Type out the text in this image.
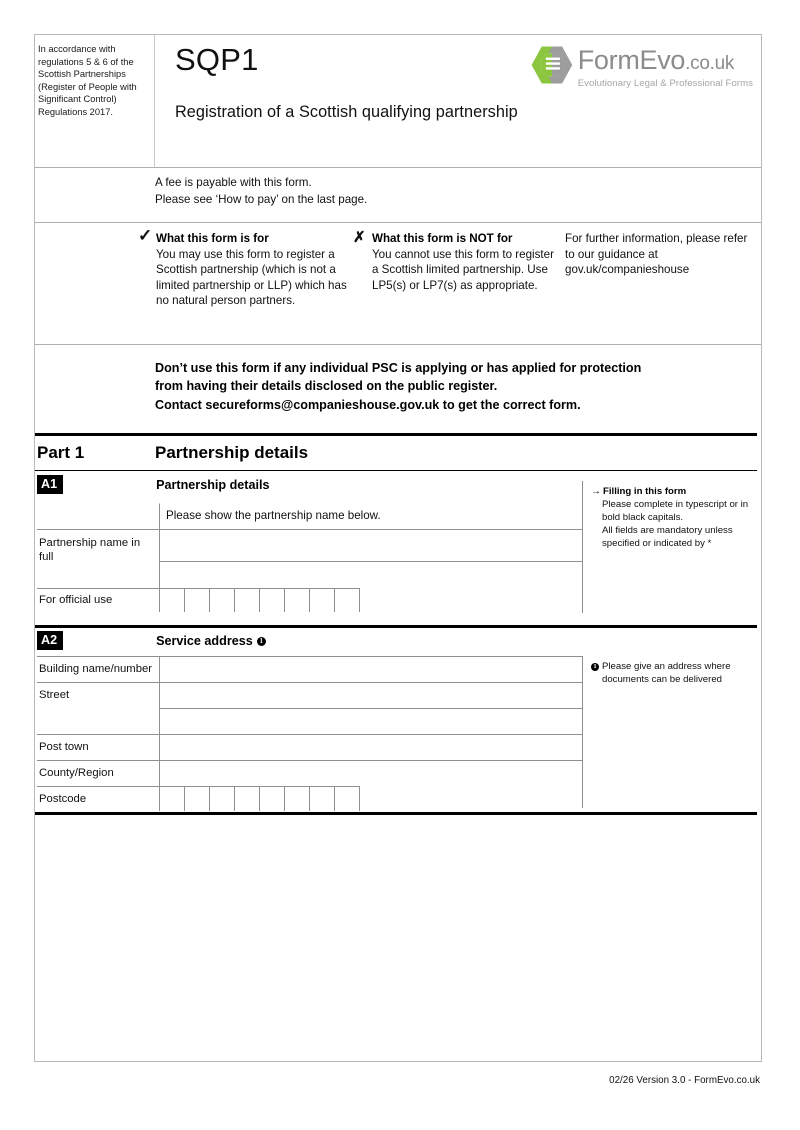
In accordance with regulations 5 & 6 of the Scottish Partnerships (Register of People with Significant Control) Regulations 2017.
SQP1
Registration of a Scottish qualifying partnership
FormEvo.co.uk
Evolutionary Legal & Professional Forms
A fee is payable with this form.
Please see ‘How to pay’ on the last page.
✓ What this form is for
You may use this form to register a Scottish partnership (which is not a limited partnership or LLP) which has no natural person partners.
✗ What this form is NOT for
You cannot use this form to register a Scottish limited partnership. Use LP5(s) or LP7(s) as appropriate.
For further information, please refer to our guidance at gov.uk/companieshouse
Don’t use this form if any individual PSC is applying or has applied for protection
from having their details disclosed on the public register.
Contact secureforms@companieshouse.gov.uk to get the correct form.
Part 1	Partnership details
A1	Partnership details
Please show the partnership name below.
Partnership name in full
For official use
→ Filling in this form
Please complete in typescript or in bold black capitals.
All fields are mandatory unless specified or indicated by *
A2	Service address 1
Building name/number
Street
Post town
County/Region
Postcode
1 Please give an address where
documents can be delivered
02/26 Version 3.0 - FormEvo.co.uk
